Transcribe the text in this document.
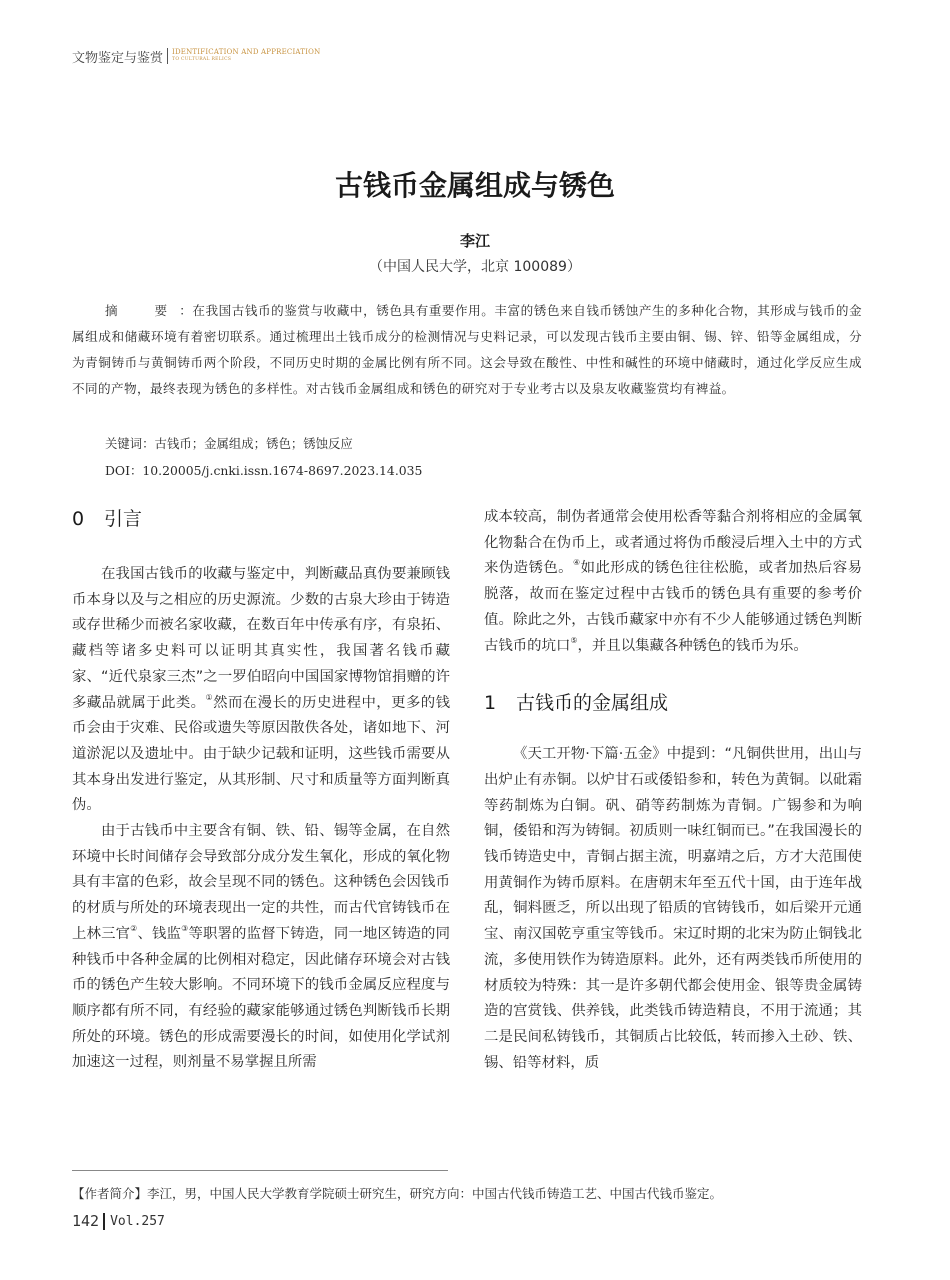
文物鉴定与鉴赏 IDENTIFICATION AND APPRECIATION
TO CULTURAL RELICS
古钱币金属组成与锈色
李江
（中国人民大学，北京 100089）

摘　要：在我国古钱币的鉴赏与收藏中，锈色具有重要作用。丰富的锈色来自钱币锈蚀产生的多种化合物，其形成与钱币的金属组成和储藏环境有着密切联系。通过梳理出土钱币成分的检测情况与史料记录，可以发现古钱币主要由铜、锡、锌、铅等金属组成，分为青铜铸币与黄铜铸币两个阶段，不同历史时期的金属比例有所不同。这会导致在酸性、中性和碱性的环境中储藏时，通过化学反应生成不同的产物，最终表现为锈色的多样性。对古钱币金属组成和锈色的研究对于专业考古以及泉友收藏鉴赏均有裨益。

关键词：古钱币；金属组成；锈色；锈蚀反应
DOI：10.20005/j.cnki.issn.1674-8697.2023.14.035
0 引言

在我国古钱币的收藏与鉴定中，判断藏品真伪要兼顾钱币本身以及与之相应的历史源流。少数的古泉大珍由于铸造或存世稀少而被名家收藏，在数百年中传承有序，有泉拓、藏档等诸多史料可以证明其真实性，我国著名钱币藏家、“近代泉家三杰”之一罗伯昭向中国国家博物馆捐赠的许多藏品就属于此类。①然而在漫长的历史进程中，更多的钱币会由于灾难、民俗或遗失等原因散佚各处，诸如地下、河道淤泥以及遗址中。由于缺少记载和证明，这些钱币需要从其本身出发进行鉴定，从其形制、尺寸和质量等方面判断真伪。

由于古钱币中主要含有铜、铁、铅、锡等金属，在自然环境中长时间储存会导致部分成分发生氧化，形成的氧化物具有丰富的色彩，故会呈现不同的锈色。这种锈色会因钱币的材质与所处的环境表现出一定的共性，而古代官铸钱币在上林三官②、钱监③等职署的监督下铸造，同一地区铸造的同种钱币中各种金属的比例相对稳定，因此储存环境会对古钱币的锈色产生较大影响。不同环境下的钱币金属反应程度与顺序都有所不同，有经验的藏家能够通过锈色判断钱币长期所处的环境。锈色的形成需要漫长的时间，如使用化学试剂加速这一过程，则剂量不易掌握且所需

成本较高，制伪者通常会使用松香等黏合剂将相应的金属氧化物黏合在伪币上，或者通过将伪币酸浸后埋入土中的方式来伪造锈色。④如此形成的锈色往往松脆，或者加热后容易脱落，故而在鉴定过程中古钱币的锈色具有重要的参考价值。除此之外，古钱币藏家中亦有不少人能够通过锈色判断古钱币的坑口⑤，并且以集藏各种锈色的钱币为乐。

1 古钱币的金属组成

《天工开物·下篇·五金》中提到：“凡铜供世用，出山与出炉止有赤铜。以炉甘石或倭铅参和，转色为黄铜。以砒霜等药制炼为白铜。矾、硝等药制炼为青铜。广锡参和为响铜，倭铅和泻为铸铜。初质则一味红铜而已。”在我国漫长的钱币铸造史中，青铜占据主流，明嘉靖之后，方才大范围使用黄铜作为铸币原料。在唐朝末年至五代十国，由于连年战乱，铜料匮乏，所以出现了铅质的官铸钱币，如后梁开元通宝、南汉国乾亨重宝等钱币。宋辽时期的北宋为防止铜钱北流，多使用铁作为铸造原料。此外，还有两类钱币所使用的材质较为特殊：其一是许多朝代都会使用金、银等贵金属铸造的宫赏钱、供养钱，此类钱币铸造精良，不用于流通；其二是民间私铸钱币，其铜质占比较低，转而掺入土砂、铁、锡、铅等材料，质

【作者简介】李江，男，中国人民大学教育学院硕士研究生，研究方向：中国古代钱币铸造工艺、中国古代钱币鉴定。
142 Vol.257
